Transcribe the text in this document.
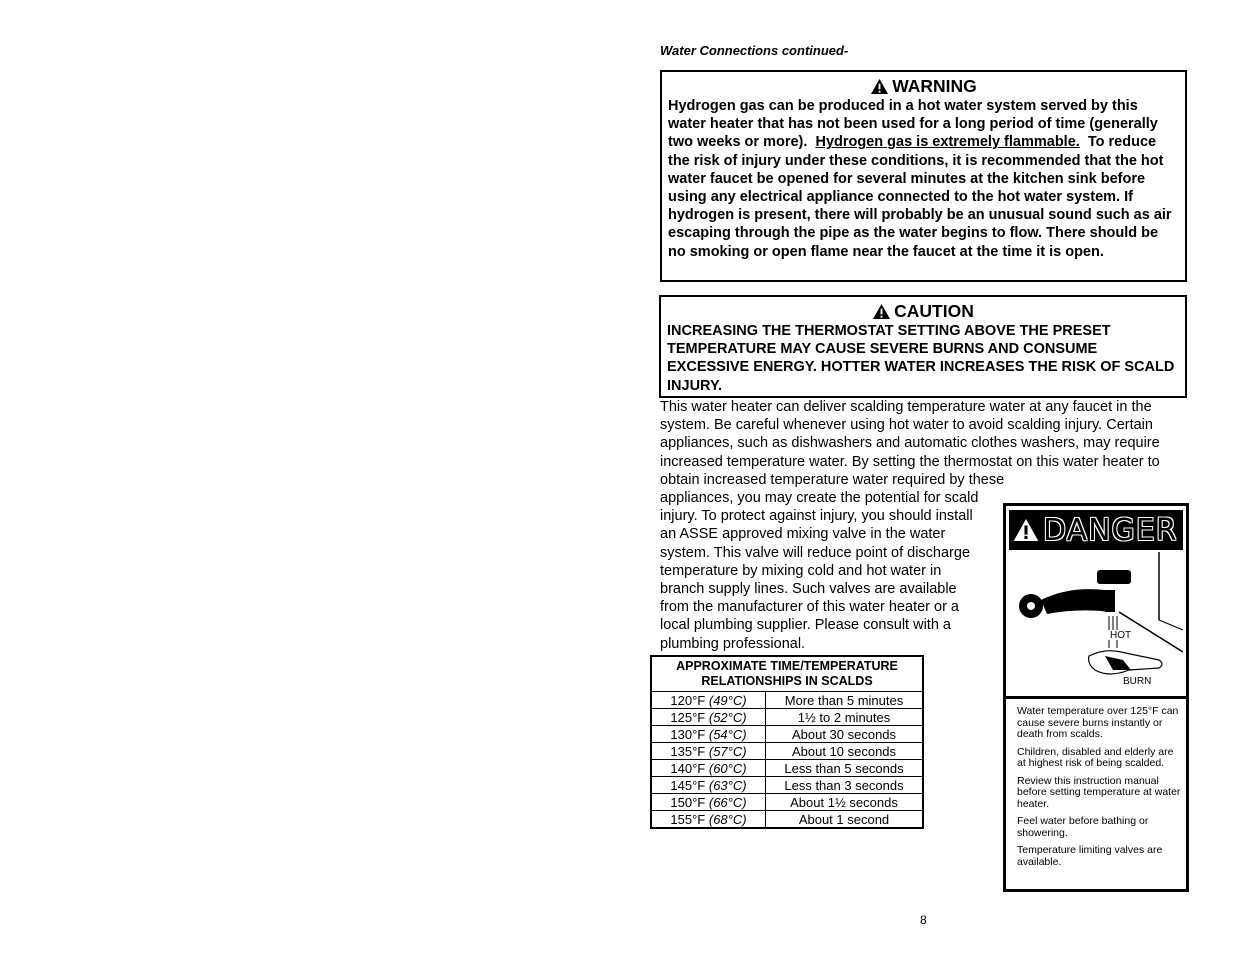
Water Connections continued-
WARNING
Hydrogen gas can be produced in a hot water system served by this water heater that has not been used for a long period of time (generally two weeks or more). Hydrogen gas is extremely flammable. To reduce the risk of injury under these conditions, it is recommended that the hot water faucet be opened for several minutes at the kitchen sink before using any electrical appliance connected to the hot water system. If hydrogen is present, there will probably be an unusual sound such as air escaping through the pipe as the water begins to flow. There should be no smoking or open flame near the faucet at the time it is open.
CAUTION
INCREASING THE THERMOSTAT SETTING ABOVE THE PRESET TEMPERATURE MAY CAUSE SEVERE BURNS AND CONSUME EXCESSIVE ENERGY. HOTTER WATER INCREASES THE RISK OF SCALD INJURY.
This water heater can deliver scalding temperature water at any faucet in the system. Be careful whenever using hot water to avoid scalding injury. Certain appliances, such as dishwashers and automatic clothes washers, may require increased temperature water. By setting the thermostat on this water heater to obtain increased temperature water required by these
appliances, you may create the potential for scald injury. To protect against injury, you should install an ASSE approved mixing valve in the water system. This valve will reduce point of discharge temperature by mixing cold and hot water in branch supply lines. Such valves are available from the manufacturer of this water heater or a local plumbing supplier. Please consult with a plumbing professional.
APPROXIMATE TIME/TEMPERATURE
RELATIONSHIPS IN SCALDS	
120°F (49°C)	More than 5 minutes
125°F (52°C)	1½ to 2 minutes
130°F (54°C)	About 30 seconds
135°F (57°C)	About 10 seconds
140°F (60°C)	Less than 5 seconds
145°F (63°C)	Less than 3 seconds
150°F (66°C)	About 1½ seconds
155°F (68°C)	About 1 second
DANGER
HOT
BURN

Water temperature over 125°F can cause severe burns instantly or death from scalds.

Children, disabled and elderly are at highest risk of being scalded.

Review this instruction manual before setting temperature at water heater.

Feel water before bathing or showering.

Temperature limiting valves are available.

8
